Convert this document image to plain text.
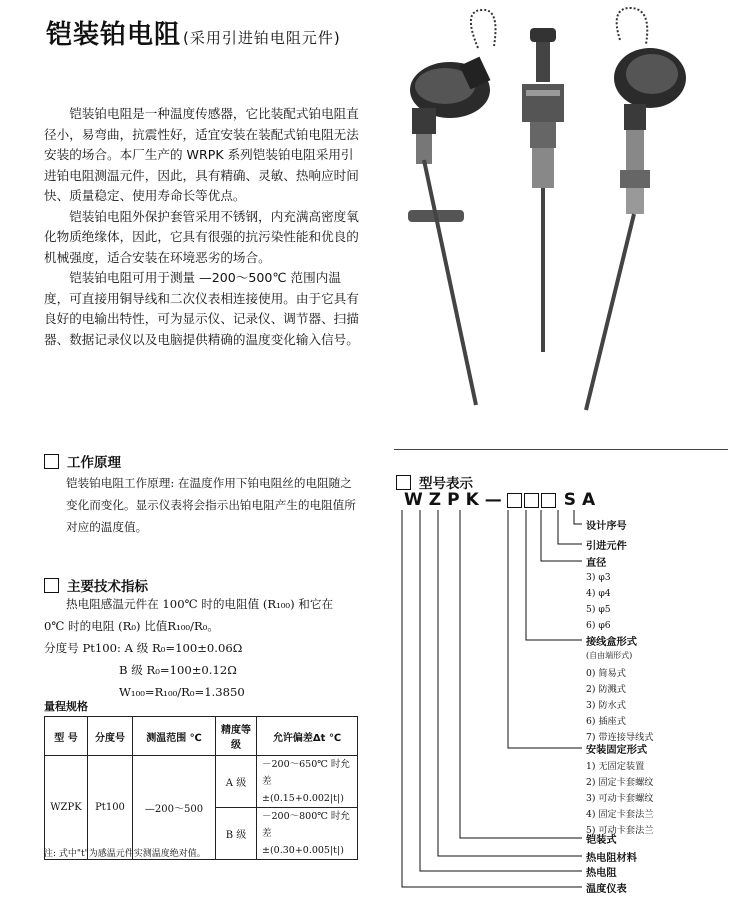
铠装铂电阻 (采用引进铂电阻元件)

铠装铂电阻是一种温度传感器，它比装配式铂电阻直径小，易弯曲，抗震性好，适宜安装在装配式铂电阻无法安装的场合。本厂生产的 WRPK 系列铠装铂电阻采用引进铂电阻测温元件，因此，具有精确、灵敏、热响应时间快、质量稳定、使用寿命长等优点。

铠装铂电阻外保护套管采用不锈钢，内充满高密度氧化物质绝缘体，因此，它具有很强的抗污染性能和优良的机械强度，适合安装在环境恶劣的场合。

铠装铂电阻可用于测量 —200～500℃ 范围内温度，可直接用铜导线和二次仪表相连接使用。由于它具有良好的电输出特性，可为显示仪、记录仪、调节器、扫描器、数据记录仪以及电脑提供精确的温度变化输入信号。

工作原理
铠装铂电阻工作原理: 在温度作用下铂电阻丝的电阻随之变化而变化。显示仪表将会指示出铂电阻产生的电阻值所对应的温度值。
主要技术指标
热电阻感温元件在 100℃ 时的电阻值 (R₁₀₀) 和它在
0℃ 时的电阻 (R₀) 比值R₁₀₀/R₀。
分度号 Pt100: A 级 R₀=100±0.06Ω
B 级 R₀=100±0.12Ω
W₁₀₀=R₁₀₀/R₀=1.3850
量程规格
型 号	分度号	测温范围 ℃	精度等级	允许偏差Δt ℃
WZPK	Pt100	—200～500	A 级	－200～650℃ 时允差
±(0.15+0.002|t|)

			B 级	－200～800℃ 时允差
±(0.30+0.005|t|)
注: 式中"t"为感温元件实测温度绝对值。
型号表示
W Z P K —	S A
设计序号
引进元件
直径
3) φ3
4) φ4
5) φ5
6) φ6
接线盒形式
(自由端形式)
0) 简易式
2) 防溅式
3) 防水式
6) 插座式
7) 带连接导线式
安装固定形式
1) 无固定装置
2) 固定卡套螺纹
3) 可动卡套螺纹
4) 固定卡套法兰
5) 可动卡套法兰
铠装式
热电阻材料
热电阻
温度仪表
